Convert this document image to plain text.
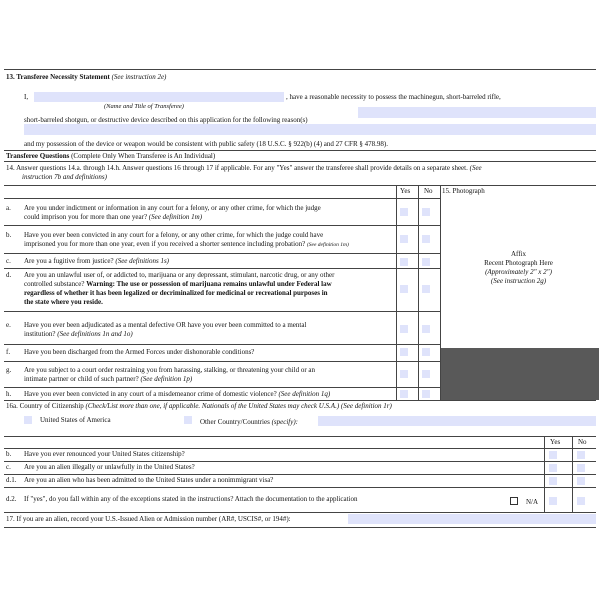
13. Transferee Necessity Statement (See instruction 2e)
I,	, have a reasonable necessity to possess the machinegun, short-barreled rifle,
(Name and Title of Transferee)
short-barreled shotgun, or destructive device described on this application for the following reason(s)
and my possession of the device or weapon would be consistent with public safety (18 U.S.C. § 922(b) (4) and 27 CFR § 478.98).
Transferee Questions (Complete Only When Transferee is An Individual)
14. Answer questions 14.a. through 14.h. Answer questions 16 through 17 if applicable. For any "Yes" answer the transferee shall provide details on a separate sheet. (See
instruction 7b and definitions)
Yes No 15. Photograph
a. Are you under indictment or information in any court for a felony, or any other crime, for which the judge
could imprison you for more than one year? (See definition 1m)
b. Have you ever been convicted in any court for a felony, or any other crime, for which the judge could have
imprisoned you for more than one year, even if you received a shorter sentence including probation? (See definition 1m)
c. Are you a fugitive from justice? (See definitions 1s)
d. Are you an unlawful user of, or addicted to, marijuana or any depressant, stimulant, narcotic drug, or any other
controlled substance? Warning: The use or possession of marijuana remains unlawful under Federal law
regardless of whether it has been legalized or decriminalized for medicinal or recreational purposes in
the state where you reside.
e. Have you ever been adjudicated as a mental defective OR have you ever been committed to a mental
institution? (See definitions 1n and 1o)
f. Have you been discharged from the Armed Forces under dishonorable conditions?
g. Are you subject to a court order restraining you from harassing, stalking, or threatening your child or an
intimate partner or child of such partner? (See definition 1p)
h. Have you ever been convicted in any court of a misdemeanor crime of domestic violence? (See definition 1q)
Affix
Recent Photograph Here
(Approximately 2" x 2")
(See instruction 2g)
16a. Country of Citizenship (Check/List more than one, if applicable. Nationals of the United States may check U.S.A.) (See definition 1r)
United States of America	Other Country/Countries (specify):
Yes	No
b. Have you ever renounced your United States citizenship?
c. Are you an alien illegally or unlawfully in the United States?
d.1. Are you an alien who has been admitted to the United States under a nonimmigrant visa?
d.2. If "yes", do you fall within any of the exceptions stated in the instructions? Attach the documentation to the application	N/A
17. If you are an alien, record your U.S.-Issued Alien or Admission number (AR#, USCIS#, or 194#):
